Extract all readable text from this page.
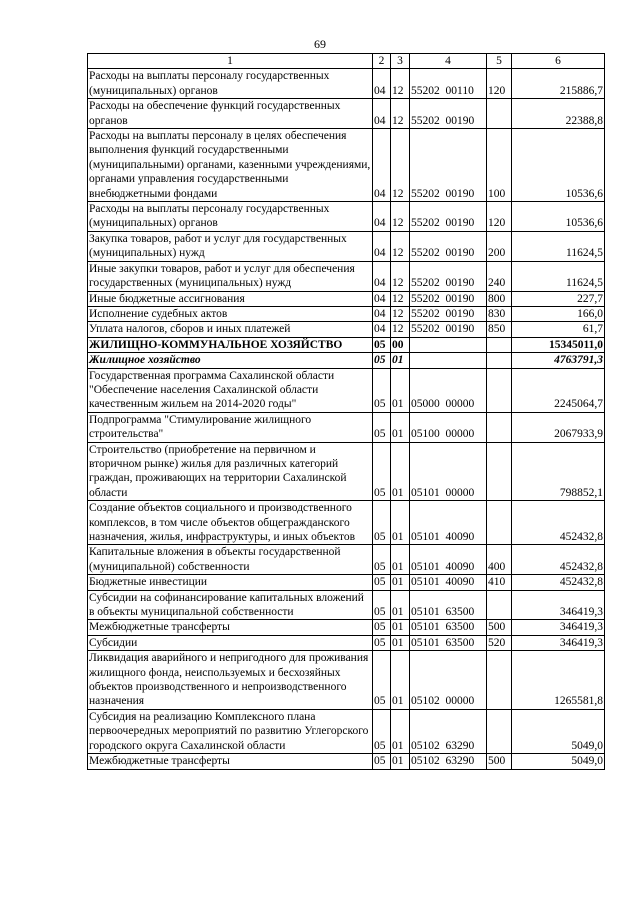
69
1	2	3	4	5	6
Расходы на выплаты персоналу государственных (муниципальных) органов	04	12	55202  00110	120	215886,7
Расходы на обеспечение функций государственных органов	04	12	55202  00190		22388,8
Расходы на выплаты персоналу в целях обеспечения выполнения функций государственными (муниципальными) органами, казенными учреждениями, органами управления государственными внебюджетными фондами	04	12	55202  00190	100	10536,6
Расходы на выплаты персоналу государственных (муниципальных) органов	04	12	55202  00190	120	10536,6
Закупка товаров, работ и услуг для государственных (муниципальных) нужд	04	12	55202  00190	200	11624,5
Иные закупки товаров, работ и услуг для обеспечения государственных (муниципальных) нужд	04	12	55202  00190	240	11624,5
Иные бюджетные ассигнования	04	12	55202  00190	800	227,7
Исполнение судебных актов	04	12	55202  00190	830	166,0
Уплата налогов, сборов и иных платежей	04	12	55202  00190	850	61,7
ЖИЛИЩНО-КОММУНАЛЬНОЕ ХОЗЯЙСТВО	05	00			15345011,0
Жилищное хозяйство	05	01			4763791,3
Государственная программа Сахалинской области "Обеспечение населения Сахалинской области качественным жильем на 2014-2020 годы"	05	01	05000  00000		2245064,7
Подпрограмма "Стимулирование жилищного строительства"	05	01	05100  00000		2067933,9
Строительство (приобретение на первичном и вторичном рынке) жилья для различных категорий граждан, проживающих на территории Сахалинской области	05	01	05101  00000		798852,1
Создание объектов социального и производственного комплексов, в том числе объектов общегражданского назначения, жилья, инфраструктуры, и иных объектов	05	01	05101  40090		452432,8
Капитальные вложения в объекты государственной (муниципальной) собственности	05	01	05101  40090	400	452432,8
Бюджетные инвестиции	05	01	05101  40090	410	452432,8
Субсидии на софинансирование капитальных вложений в объекты муниципальной собственности	05	01	05101  63500		346419,3
Межбюджетные трансферты	05	01	05101  63500	500	346419,3
Субсидии	05	01	05101  63500	520	346419,3
Ликвидация аварийного и непригодного для проживания жилищного фонда, неиспользуемых и бесхозяйных объектов производственного и непроизводственного назначения	05	01	05102  00000		1265581,8
Субсидия на реализацию Комплексного плана первоочередных мероприятий по развитию Углегорского городского округа Сахалинской области	05	01	05102  63290		5049,0
Межбюджетные трансферты	05	01	05102  63290	500	5049,0
